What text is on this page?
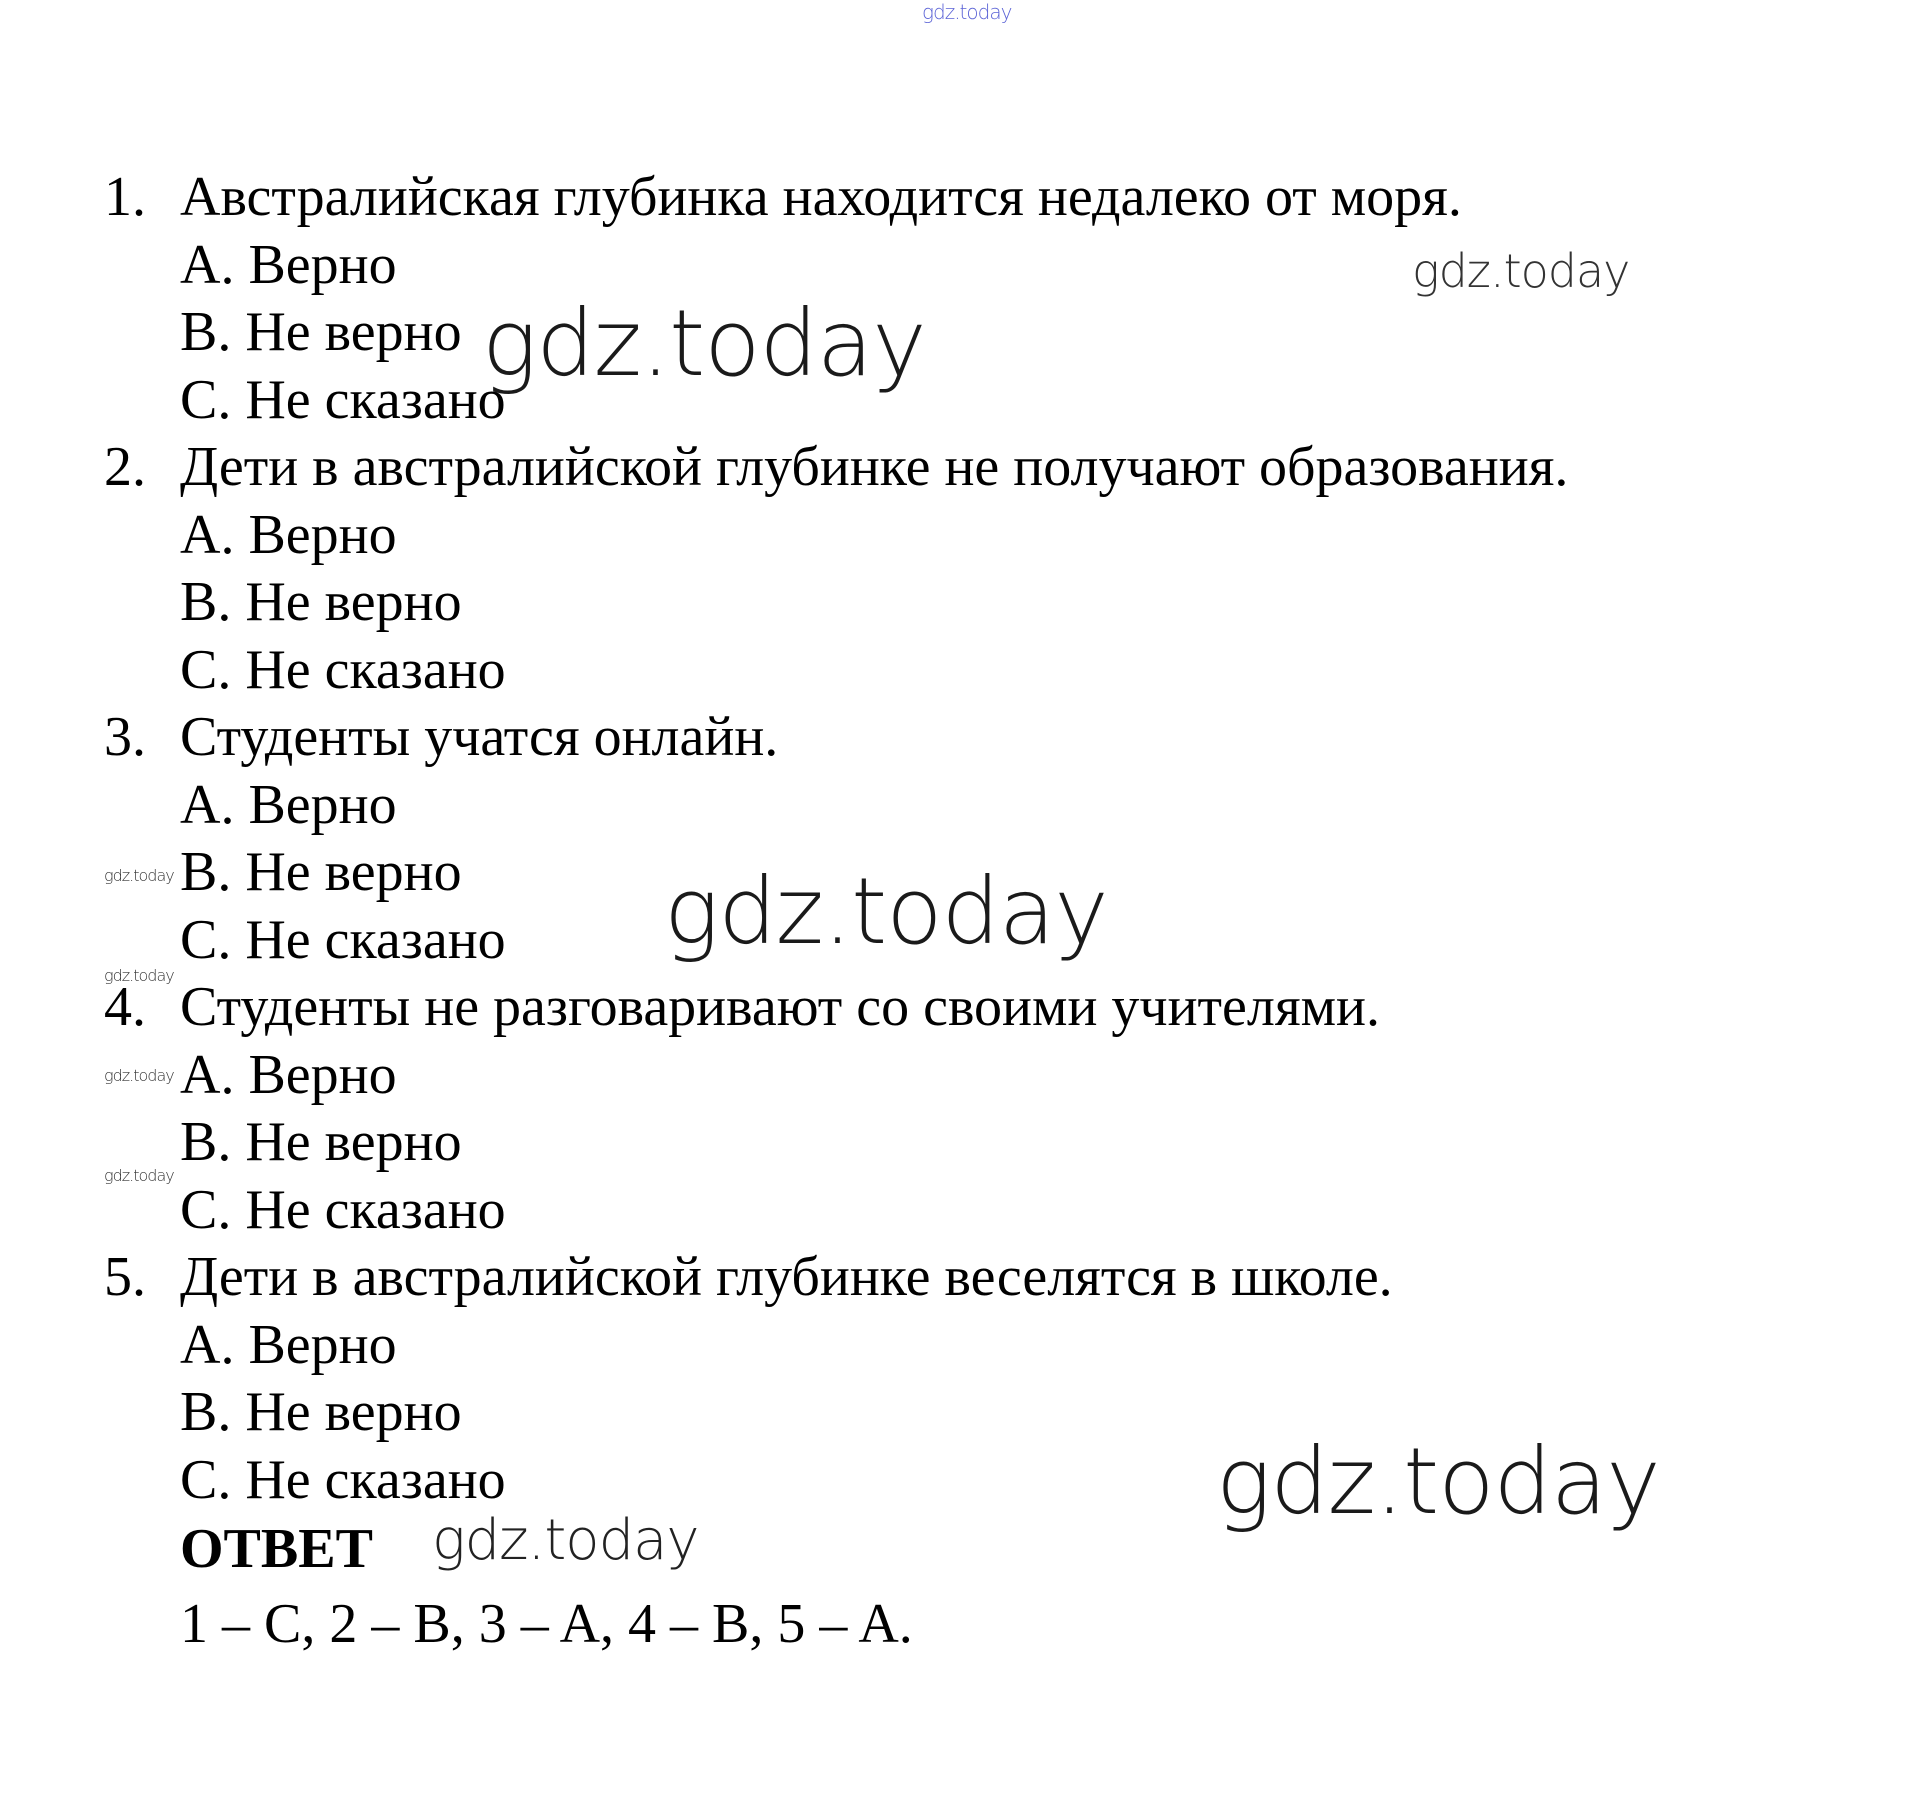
gdz.today
gdz.today
gdz.today
gdz.today
gdz.today
gdz.today
gdz.today
gdz.today
gdz.today
gdz.today
1. Австралийская глубинка находится недалеко от моря.
A. Верно
B. Не верно
C. Не сказано
2. Дети в австралийской глубинке не получают образования.
A. Верно
B. Не верно
C. Не сказано
3. Студенты учатся онлайн.
A. Верно
B. Не верно
C. Не сказано
4. Студенты не разговаривают со своими учителями.
A. Верно
B. Не верно
C. Не сказано
5. Дети в австралийской глубинке веселятся в школе.
A. Верно
B. Не верно
C. Не сказано
ОТВЕТ
1 – C, 2 – B, 3 – A, 4 – B, 5 – A.
